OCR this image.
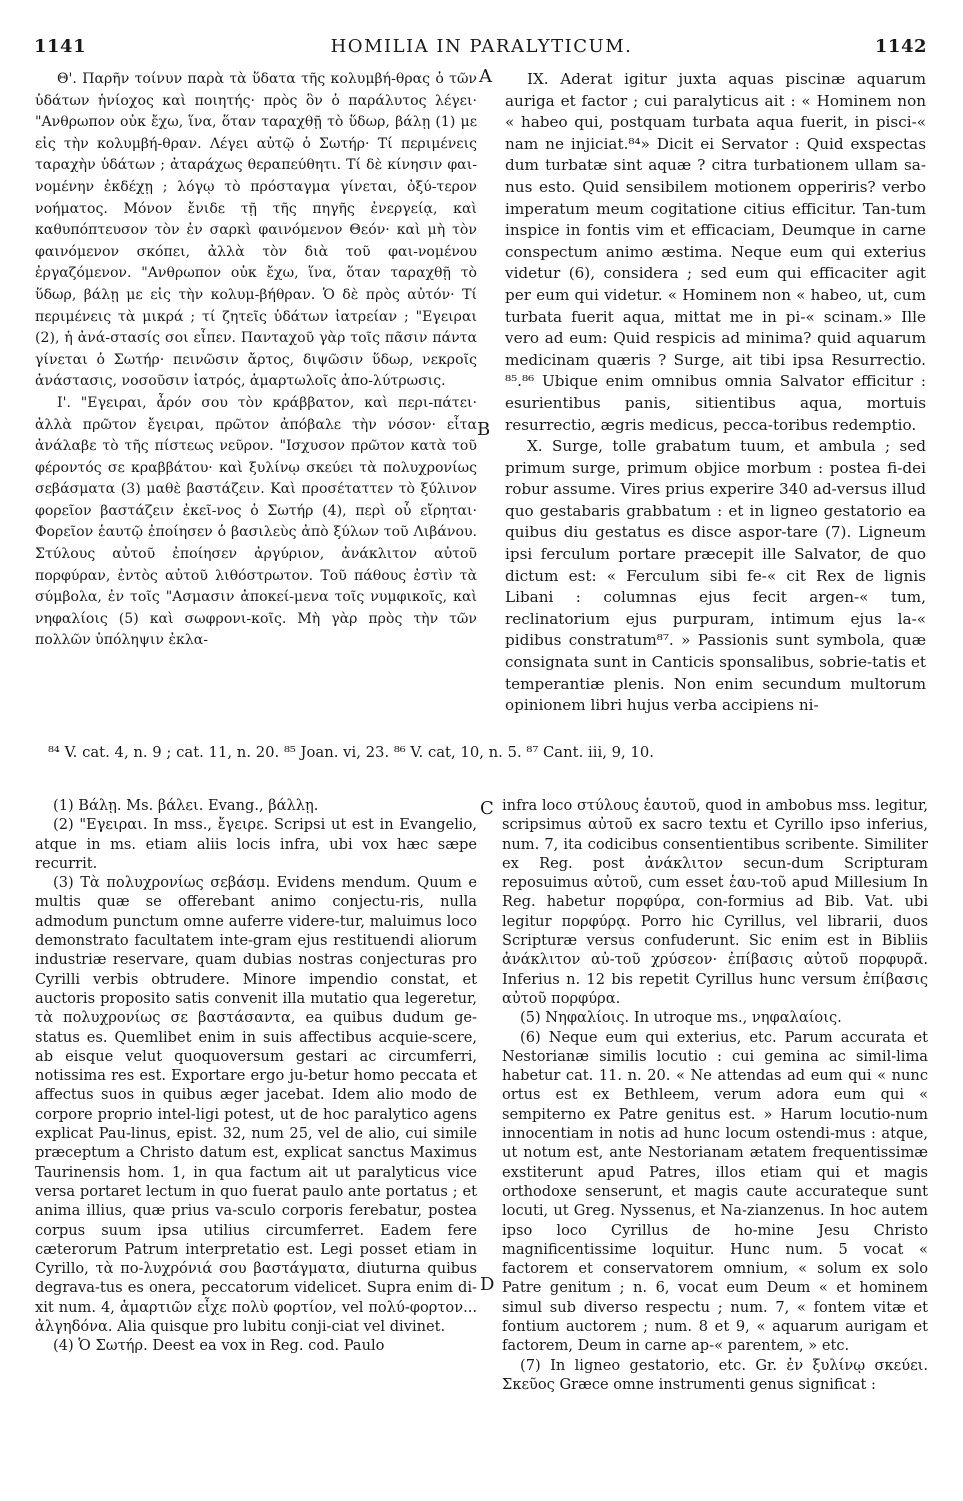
1141	HOMILIA IN PARALYTICUM.	1142

Θ'. Παρῆν τοίνυν παρὰ τὰ ὕδατα τῆς κολυμβή-θρας ὁ τῶν ὑδάτων ἡνίοχος καὶ ποιητής· πρὸς ὃν ὁ παράλυτος λέγει· "Ανθρωπον οὐκ ἔχω, ἵνα, ὅταν ταραχθῇ τὸ ὕδωρ, βάλῃ (1) με εἰς τὴν κολυμβή-θραν. Λέγει αὐτῷ ὁ Σωτήρ· Τί περιμένεις ταραχὴν ὑδάτων ; ἀταράχως θεραπεύθητι. Τί δὲ κίνησιν φαι-νομένην ἐκδέχῃ ; λόγῳ τὸ πρόσταγμα γίνεται, ὀξύ-τερον νοήματος. Μόνον ἔνιδε τῇ τῆς πηγῆς ἐνεργείᾳ, καὶ καθυπόπτευσον τὸν ἐν σαρκὶ φαινόμενον Θεόν· καὶ μὴ τὸν φαινόμενον σκόπει, ἀλλὰ τὸν διὰ τοῦ φαι-νομένου ἐργαζόμενον. "Ανθρωπον οὐκ ἔχω, ἵνα, ὅταν ταραχθῇ τὸ ὕδωρ, βάλῃ με εἰς τὴν κολυμ-βήθραν. Ὁ δὲ πρὸς αὐτόν· Τί περιμένεις τὰ μικρά ; τί ζητεῖς ὑδάτων ἰατρείαν ; "Εγειραι (2), ἡ ἀνά-στασίς σοι εἶπεν. Πανταχοῦ γὰρ τοῖς πᾶσιν πάντα γίνεται ὁ Σωτήρ· πεινῶσιν ἄρτος, διψῶσιν ὕδωρ, νεκροῖς ἀνάστασις, νοσοῦσιν ἰατρός, ἁμαρτωλοῖς ἀπο-λύτρωσις.

Ι'. "Εγειραι, ἆρόν σου τὸν κράββατον, καὶ περι-πάτει· ἀλλὰ πρῶτον ἔγειραι, πρῶτον ἀπόβαλε τὴν νόσον· εἶτα ἀνάλαβε τὸ τῆς πίστεως νεῦρον. "Ισχυσον πρῶτον κατὰ τοῦ φέροντός σε κραββάτου· καὶ ξυλίνῳ σκεύει τὰ πολυχρονίως σεβάσματα (3) μαθὲ βαστάζειν. Καὶ προσέταττεν τὸ ξύλινον φορεῖον βαστάζειν ἐκεῖ-νος ὁ Σωτήρ (4), περὶ οὗ εἴρηται· Φορεῖον ἑαυτῷ ἐποίησεν ὁ βασιλεὺς ἀπὸ ξύλων τοῦ Λιβάνου. Στύλους αὐτοῦ ἐποίησεν ἀργύριον, ἀνάκλιτον αὐτοῦ πορφύραν, ἐντὸς αὐτοῦ λιθόστρωτον. Τοῦ πάθους ἐστὶν τὰ σύμβολα, ἐν τοῖς "Ασμασιν ἀποκεί-μενα τοῖς νυμφικοῖς, καὶ νηφαλίοις (5) καὶ σωφρονι-κοῖς. Μὴ γὰρ πρὸς τὴν τῶν πολλῶν ὑπόληψιν ἐκλα-

A
B
C
D

IX. Aderat igitur juxta aquas piscinæ aquarum auriga et factor ; cui paralyticus ait : « Hominem non « habeo qui, postquam turbata aqua fuerit, in pisci-« nam ne injiciat.⁸⁴» Dicit ei Servator : Quid exspectas dum turbatæ sint aquæ ? citra turbationem ullam sa-nus esto. Quid sensibilem motionem opperiris? verbo imperatum meum cogitatione citius efficitur. Tan-tum inspice in fontis vim et efficaciam, Deumque in carne conspectum animo æstima. Neque eum qui exterius videtur (6), considera ; sed eum qui efficaciter agit per eum qui videtur. « Hominem non « habeo, ut, cum turbata fuerit aqua, mittat me in pi-« scinam.» Ille vero ad eum: Quid respicis ad minima? quid aquarum medicinam quæris ? Surge, ait tibi ipsa Resurrectio. ⁸⁵.⁸⁶ Ubique enim omnibus omnia Salvator efficitur : esurientibus panis, sitientibus aqua, mortuis resurrectio, ægris medicus, pecca-toribus redemptio.

X. Surge, tolle grabatum tuum, et ambula ; sed primum surge, primum objice morbum : postea fi-dei robur assume. Vires prius experire 340 ad-versus illud quo gestabaris grabbatum : et in ligneo gestatorio ea quibus diu gestatus es disce aspor-tare (7). Ligneum ipsi ferculum portare præcepit ille Salvator, de quo dictum est: « Ferculum sibi fe-« cit Rex de lignis Libani : columnas ejus fecit argen-« tum, reclinatorium ejus purpuram, intimum ejus la-« pidibus constratum⁸⁷. » Passionis sunt symbola, quæ consignata sunt in Canticis sponsalibus, sobrie-tatis et temperantiæ plenis. Non enim secundum multorum opinionem libri hujus verba accipiens ni-

⁸⁴ V. cat. 4, n. 9 ; cat. 11, n. 20. ⁸⁵ Joan. vi, 23. ⁸⁶ V. cat, 10, n. 5. ⁸⁷ Cant. iii, 9, 10.

(1) Βάλῃ. Ms. βάλει. Evang., βάλλῃ.

(2) "Εγειραι. In mss., ἔγειρε. Scripsi ut est in Evangelio, atque in ms. etiam aliis locis infra, ubi vox hæc sæpe recurrit.

(3) Τὰ πολυχρονίως σεβάσμ. Evidens mendum. Quum e multis quæ se offerebant animo conjectu-ris, nulla admodum punctum omne auferre videre-tur, maluimus loco demonstrato facultatem inte-gram ejus restituendi aliorum industriæ reservare, quam dubias nostras conjecturas pro Cyrilli verbis obtrudere. Minore impendio constat, et auctoris proposito satis convenit illa mutatio qua legeretur, τὰ πολυχρονίως σε βαστάσαντα, ea quibus dudum ge-status es. Quemlibet enim in suis affectibus acquie-scere, ab eisque velut quoquoversum gestari ac circumferri, notissima res est. Exportare ergo ju-betur homo peccata et affectus suos in quibus æger jacebat. Idem alio modo de corpore proprio intel-ligi potest, ut de hoc paralytico agens explicat Pau-linus, epist. 32, num 25, vel de alio, cui simile præceptum a Christo datum est, explicat sanctus Maximus Taurinensis hom. 1, in qua factum ait ut paralyticus vice versa portaret lectum in quo fuerat paulo ante portatus ; et anima illius, quæ prius va-sculo corporis ferebatur, postea corpus suum ipsa utilius circumferret. Eadem fere cæterorum Patrum interpretatio est. Legi posset etiam in Cyrillo, τὰ πο-λυχρόνιά σου βαστάγματα, diuturna quibus degrava-tus es onera, peccatorum videlicet. Supra enim di-xit num. 4, ἁμαρτιῶν εἶχε πολὺ φορτίον, vel πολύ-φορτον... ἀλγηδόνα. Alia quisque pro lubitu conji-ciat vel divinet.

(4) Ὁ Σωτήρ. Deest ea vox in Reg. cod. Paulo

infra loco στύλους ἑαυτοῦ, quod in ambobus mss. legitur, scripsimus αὐτοῦ ex sacro textu et Cyrillo ipso inferius, num. 7, ita codicibus consentientibus scribente. Similiter ex Reg. post ἀνάκλιτον secun-dum Scripturam reposuimus αὐτοῦ, cum esset ἑαυ-τοῦ apud Millesium In Reg. habetur πορφύρα, con-formius ad Bib. Vat. ubi legitur πορφύρᾳ. Porro hic Cyrillus, vel librarii, duos Scripturæ versus confuderunt. Sic enim est in Bibliis ἀνάκλιτον αὐ-τοῦ χρύσεον· ἐπίβασις αὐτοῦ πορφυρᾶ. Inferius n. 12 bis repetit Cyrillus hunc versum ἐπίβασις αὐτοῦ πορφύρα.

(5) Νηφαλίοις. In utroque ms., νηφαλαίοις.

(6) Neque eum qui exterius, etc. Parum accurata et Nestorianæ similis locutio : cui gemina ac simil-lima habetur cat. 11. n. 20. « Ne attendas ad eum qui « nunc ortus est ex Bethleem, verum adora eum qui « sempiterno ex Patre genitus est. » Harum locutio-num innocentiam in notis ad hunc locum ostendi-mus : atque, ut notum est, ante Nestorianam ætatem frequentissimæ exstiterunt apud Patres, illos etiam qui et magis orthodoxe senserunt, et magis caute accurateque sunt locuti, ut Greg. Nyssenus, et Na-zianzenus. In hoc autem ipso loco Cyrillus de ho-mine Jesu Christo magnificentissime loquitur. Hunc num. 5 vocat « factorem et conservatorem omnium, « solum ex solo Patre genitum ; n. 6, vocat eum Deum « et hominem simul sub diverso respectu ; num. 7, « fontem vitæ et fontium auctorem ; num. 8 et 9, « aquarum aurigam et factorem, Deum in carne ap-« parentem, » etc.

(7) In ligneo gestatorio, etc. Gr. ἐν ξυλίνῳ σκεύει. Σκεῦος Græce omne instrumenti genus significat :
